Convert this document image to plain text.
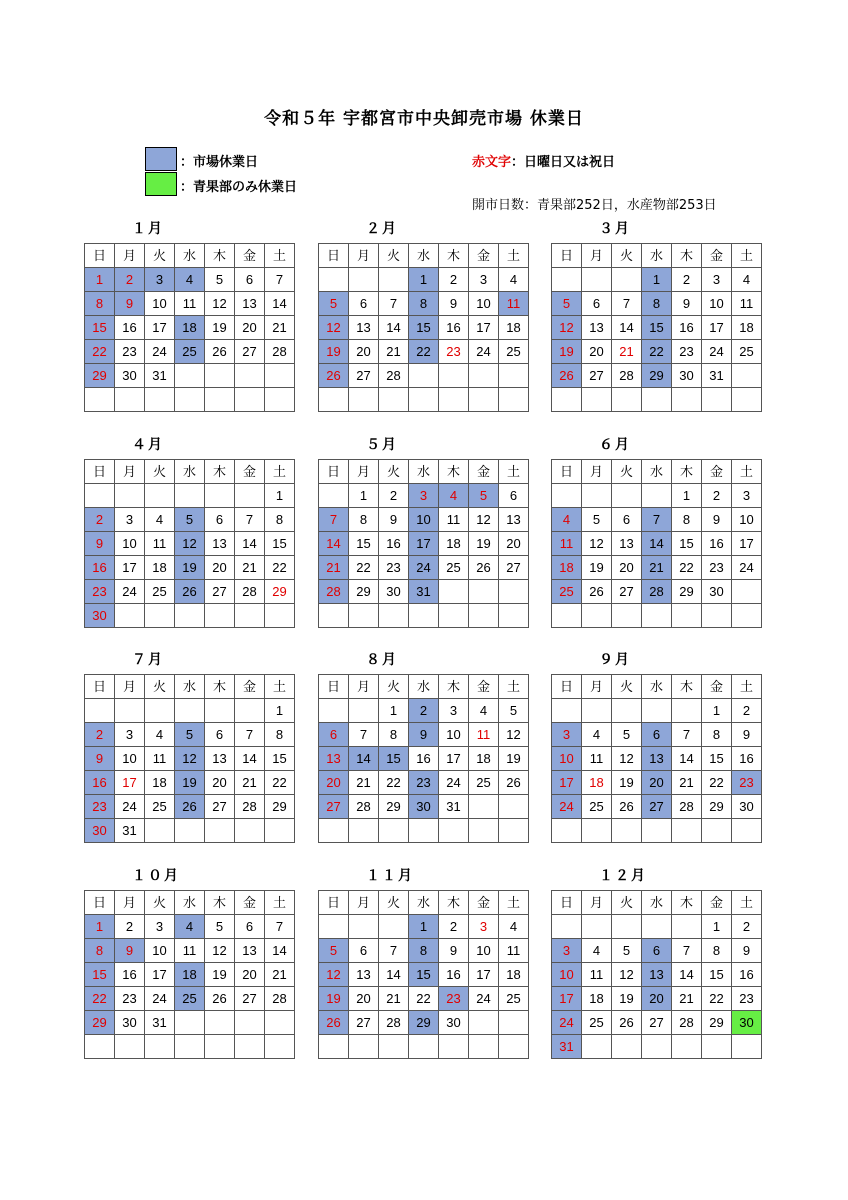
令和５年 宇都宮市中央卸売市場 休業日
：市場休業日
：青果部のみ休業日
赤文字：日曜日又は祝日
開市日数：青果部252日，水産物部253日
１月
日	月	火	水	木	金	土
1	2	3	4	5	6	7
8	9	10	11	12	13	14
15	16	17	18	19	20	21
22	23	24	25	26	27	28
29	30	31				

２月
日	月	火	水	木	金	土
			1	2	3	4
5	6	7	8	9	10	11
12	13	14	15	16	17	18
19	20	21	22	23	24	25
26	27	28				

３月
日	月	火	水	木	金	土
			1	2	3	4
5	6	7	8	9	10	11
12	13	14	15	16	17	18
19	20	21	22	23	24	25
26	27	28	29	30	31	

４月
日	月	火	水	木	金	土
						1
2	3	4	5	6	7	8
9	10	11	12	13	14	15
16	17	18	19	20	21	22
23	24	25	26	27	28	29
30						
５月
日	月	火	水	木	金	土
	1	2	3	4	5	6
7	8	9	10	11	12	13
14	15	16	17	18	19	20
21	22	23	24	25	26	27
28	29	30	31			

６月
日	月	火	水	木	金	土
				1	2	3
4	5	6	7	8	9	10
11	12	13	14	15	16	17
18	19	20	21	22	23	24
25	26	27	28	29	30	

７月
日	月	火	水	木	金	土
						1
2	3	4	5	6	7	8
9	10	11	12	13	14	15
16	17	18	19	20	21	22
23	24	25	26	27	28	29
30	31					
８月
日	月	火	水	木	金	土
		1	2	3	4	5
6	7	8	9	10	11	12
13	14	15	16	17	18	19
20	21	22	23	24	25	26
27	28	29	30	31		

９月
日	月	火	水	木	金	土
					1	2
3	4	5	6	7	8	9
10	11	12	13	14	15	16
17	18	19	20	21	22	23
24	25	26	27	28	29	30

１０月
日	月	火	水	木	金	土
1	2	3	4	5	6	7
8	9	10	11	12	13	14
15	16	17	18	19	20	21
22	23	24	25	26	27	28
29	30	31				

１１月
日	月	火	水	木	金	土
			1	2	3	4
5	6	7	8	9	10	11
12	13	14	15	16	17	18
19	20	21	22	23	24	25
26	27	28	29	30		

１２月
日	月	火	水	木	金	土
					1	2
3	4	5	6	7	8	9
10	11	12	13	14	15	16
17	18	19	20	21	22	23
24	25	26	27	28	29	30
31						
